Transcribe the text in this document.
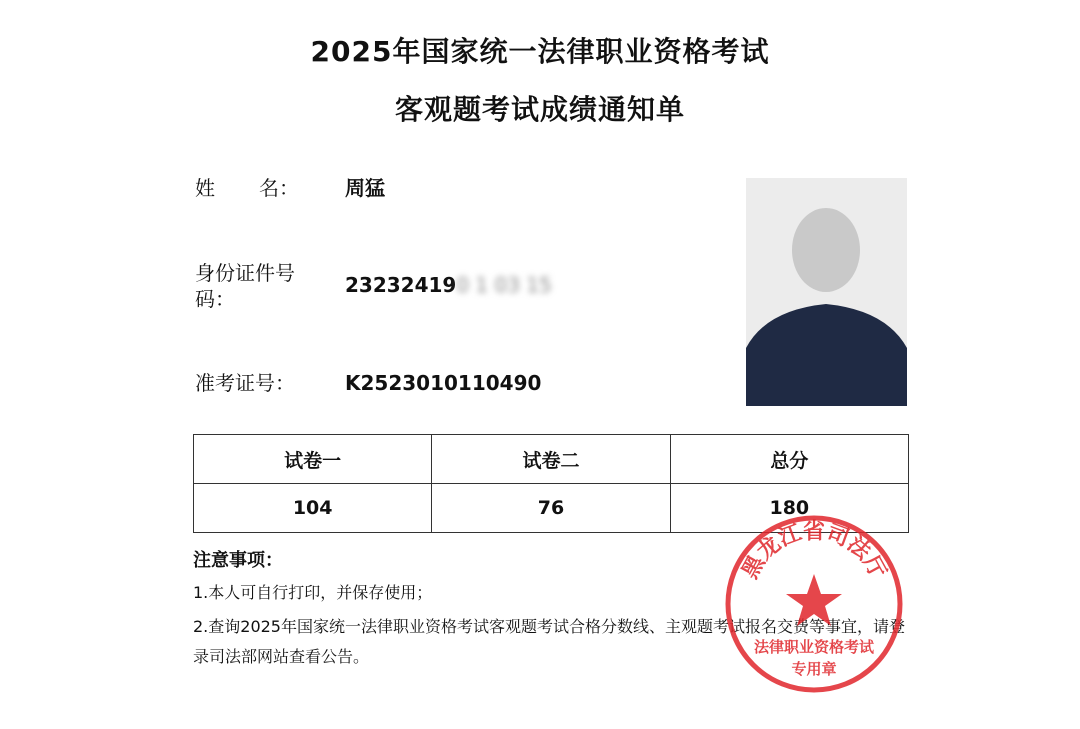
2025年国家统一法律职业资格考试
客观题考试成绩通知单
姓 名： 周猛
身份证件号码：
232324190 1 03 15
准考证号：	K2523010110490
试卷一	试卷二	总分
104	76	180
注意事项：
1.本人可自行打印，并保存使用；
2.查询2025年国家统一法律职业资格考试客观题考试合格分数线、主观题考试报名交费等事宜，请登录司法部网站查看公告。
黑龙江省司法厅
法律职业资格考试
专用章
